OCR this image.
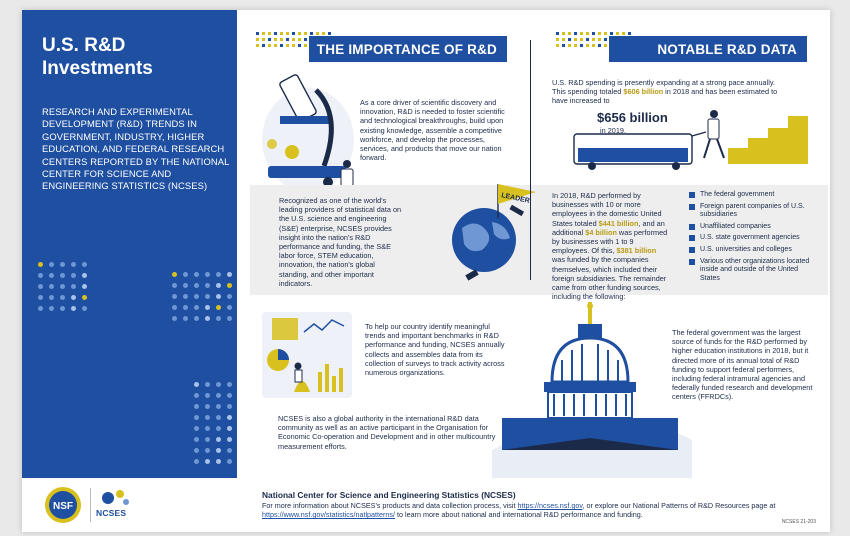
U.S. R&D
Investments
RESEARCH AND EXPERIMENTAL DEVELOPMENT (R&D) TRENDS IN GOVERNMENT, INDUSTRY, HIGHER EDUCATION, AND FEDERAL RESEARCH CENTERS REPORTED BY THE NATIONAL CENTER FOR SCIENCE AND ENGINEERING STATISTICS (NCSES)
THE IMPORTANCE OF R&D
As a core driver of scientific discovery and innovation, R&D is needed to foster scientific and technological breakthroughs, build upon existing knowledge, assemble a competitive workforce, and develop the processes, services, and products that move our nation forward.
Recognized as one of the world's leading providers of statistical data on the U.S. science and engineering (S&E) enterprise, NCSES provides insight into the nation's R&D performance and funding, the S&E labor force, STEM education, innovation, the nation's global standing, and other important indicators.
LEADER
To help our country identify meaningful trends and important benchmarks in R&D performance and funding, NCSES annually collects and assembles data from its collection of surveys to track activity across numerous organizations.
NCSES is also a global authority in the international R&D data community as well as an active participant in the Organisation for Economic Co-operation and Development and in other multicountry measurement efforts.
NOTABLE R&D DATA
U.S. R&D spending is presently expanding at a strong pace annually. This spending totaled $606 billion in 2018 and has been estimated to have increased to
$656 billion
in 2019.
In 2018, R&D performed by businesses with 10 or more employees in the domestic United States totaled $441 billion, and an additional $4 billion was performed by businesses with 1 to 9 employees. Of this, $381 billion was funded by the companies themselves, which included their foreign subsidiaries. The remainder came from other funding sources, including the following:
The federal government
Foreign parent companies of U.S. subsidiaries
Unaffiliated companies
U.S. state government agencies
U.S. universities and colleges
Various other organizations located inside and outside of the United States
The federal government was the largest source of funds for the R&D performed by higher education institutions in 2018, but it directed more of its annual total of R&D funding to support federal performers, including federal intramural agencies and federally funded research and development centers (FFRDCs).
NSF
NCSES
National Center for Science and Engineering Statistics (NCSES)
For more information about NCSES's products and data collection process, visit https://ncses.nsf.gov, or explore our National Patterns of R&D Resources page at https://www.nsf.gov/statistics/natlpatterns/ to learn more about national and international R&D performance and funding.
NCSES 21-203
